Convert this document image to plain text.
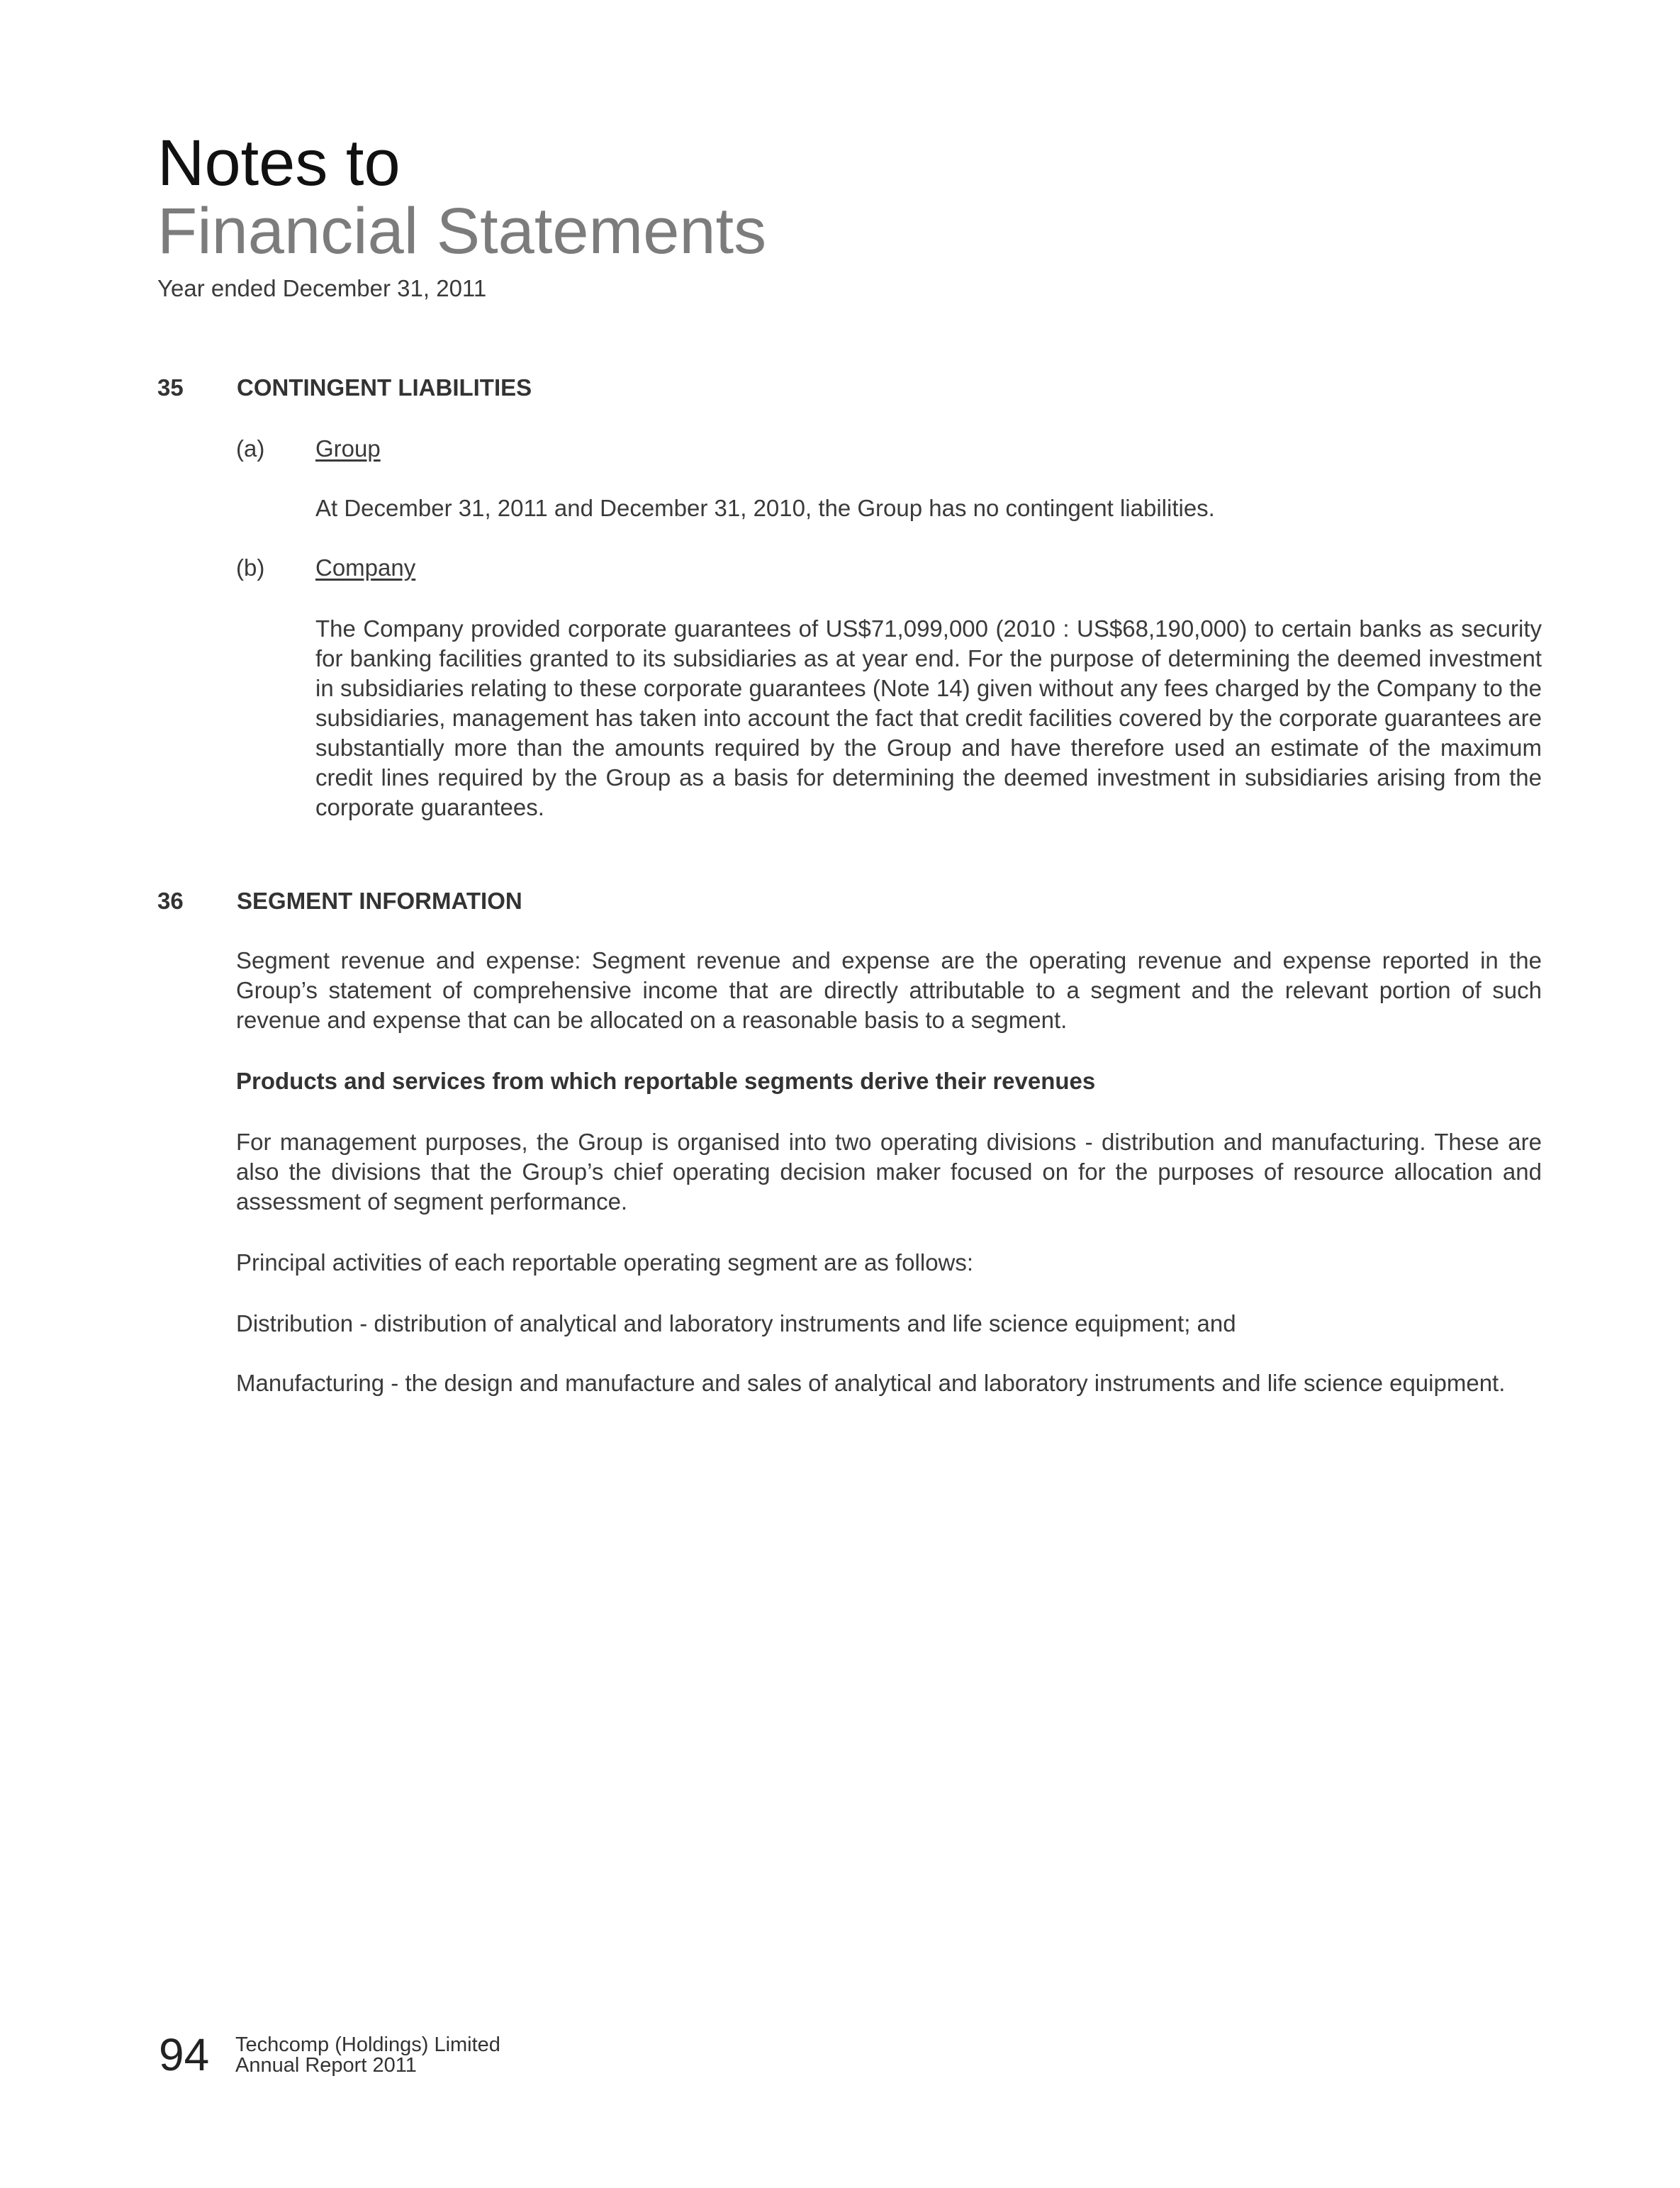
Notes to
Financial Statements
Year ended December 31, 2011
35 CONTINGENT LIABILITIES
(a) Group

At December 31, 2011 and December 31, 2010, the Group has no contingent liabilities.

(b) Company

The Company provided corporate guarantees of US$71,099,000 (2010 : US$68,190,000) to certain banks as security for banking facilities granted to its subsidiaries as at year end. For the purpose of determining the deemed investment in subsidiaries relating to these corporate guarantees (Note 14) given without any fees charged by the Company to the subsidiaries, management has taken into account the fact that credit facilities covered by the corporate guarantees are substantially more than the amounts required by the Group and have therefore used an estimate of the maximum credit lines required by the Group as a basis for determining the deemed investment in subsidiaries arising from the corporate guarantees.

36 SEGMENT INFORMATION

Segment revenue and expense: Segment revenue and expense are the operating revenue and expense reported in the Group’s statement of comprehensive income that are directly attributable to a segment and the relevant portion of such revenue and expense that can be allocated on a reasonable basis to a segment.

Products and services from which reportable segments derive their revenues

For management purposes, the Group is organised into two operating divisions - distribution and manufacturing. These are also the divisions that the Group’s chief operating decision maker focused on for the purposes of resource allocation and assessment of segment performance.

Principal activities of each reportable operating segment are as follows:

Distribution - distribution of analytical and laboratory instruments and life science equipment; and

Manufacturing - the design and manufacture and sales of analytical and laboratory instruments and life science equipment.

94 Techcomp (Holdings) Limited
Annual Report 2011
